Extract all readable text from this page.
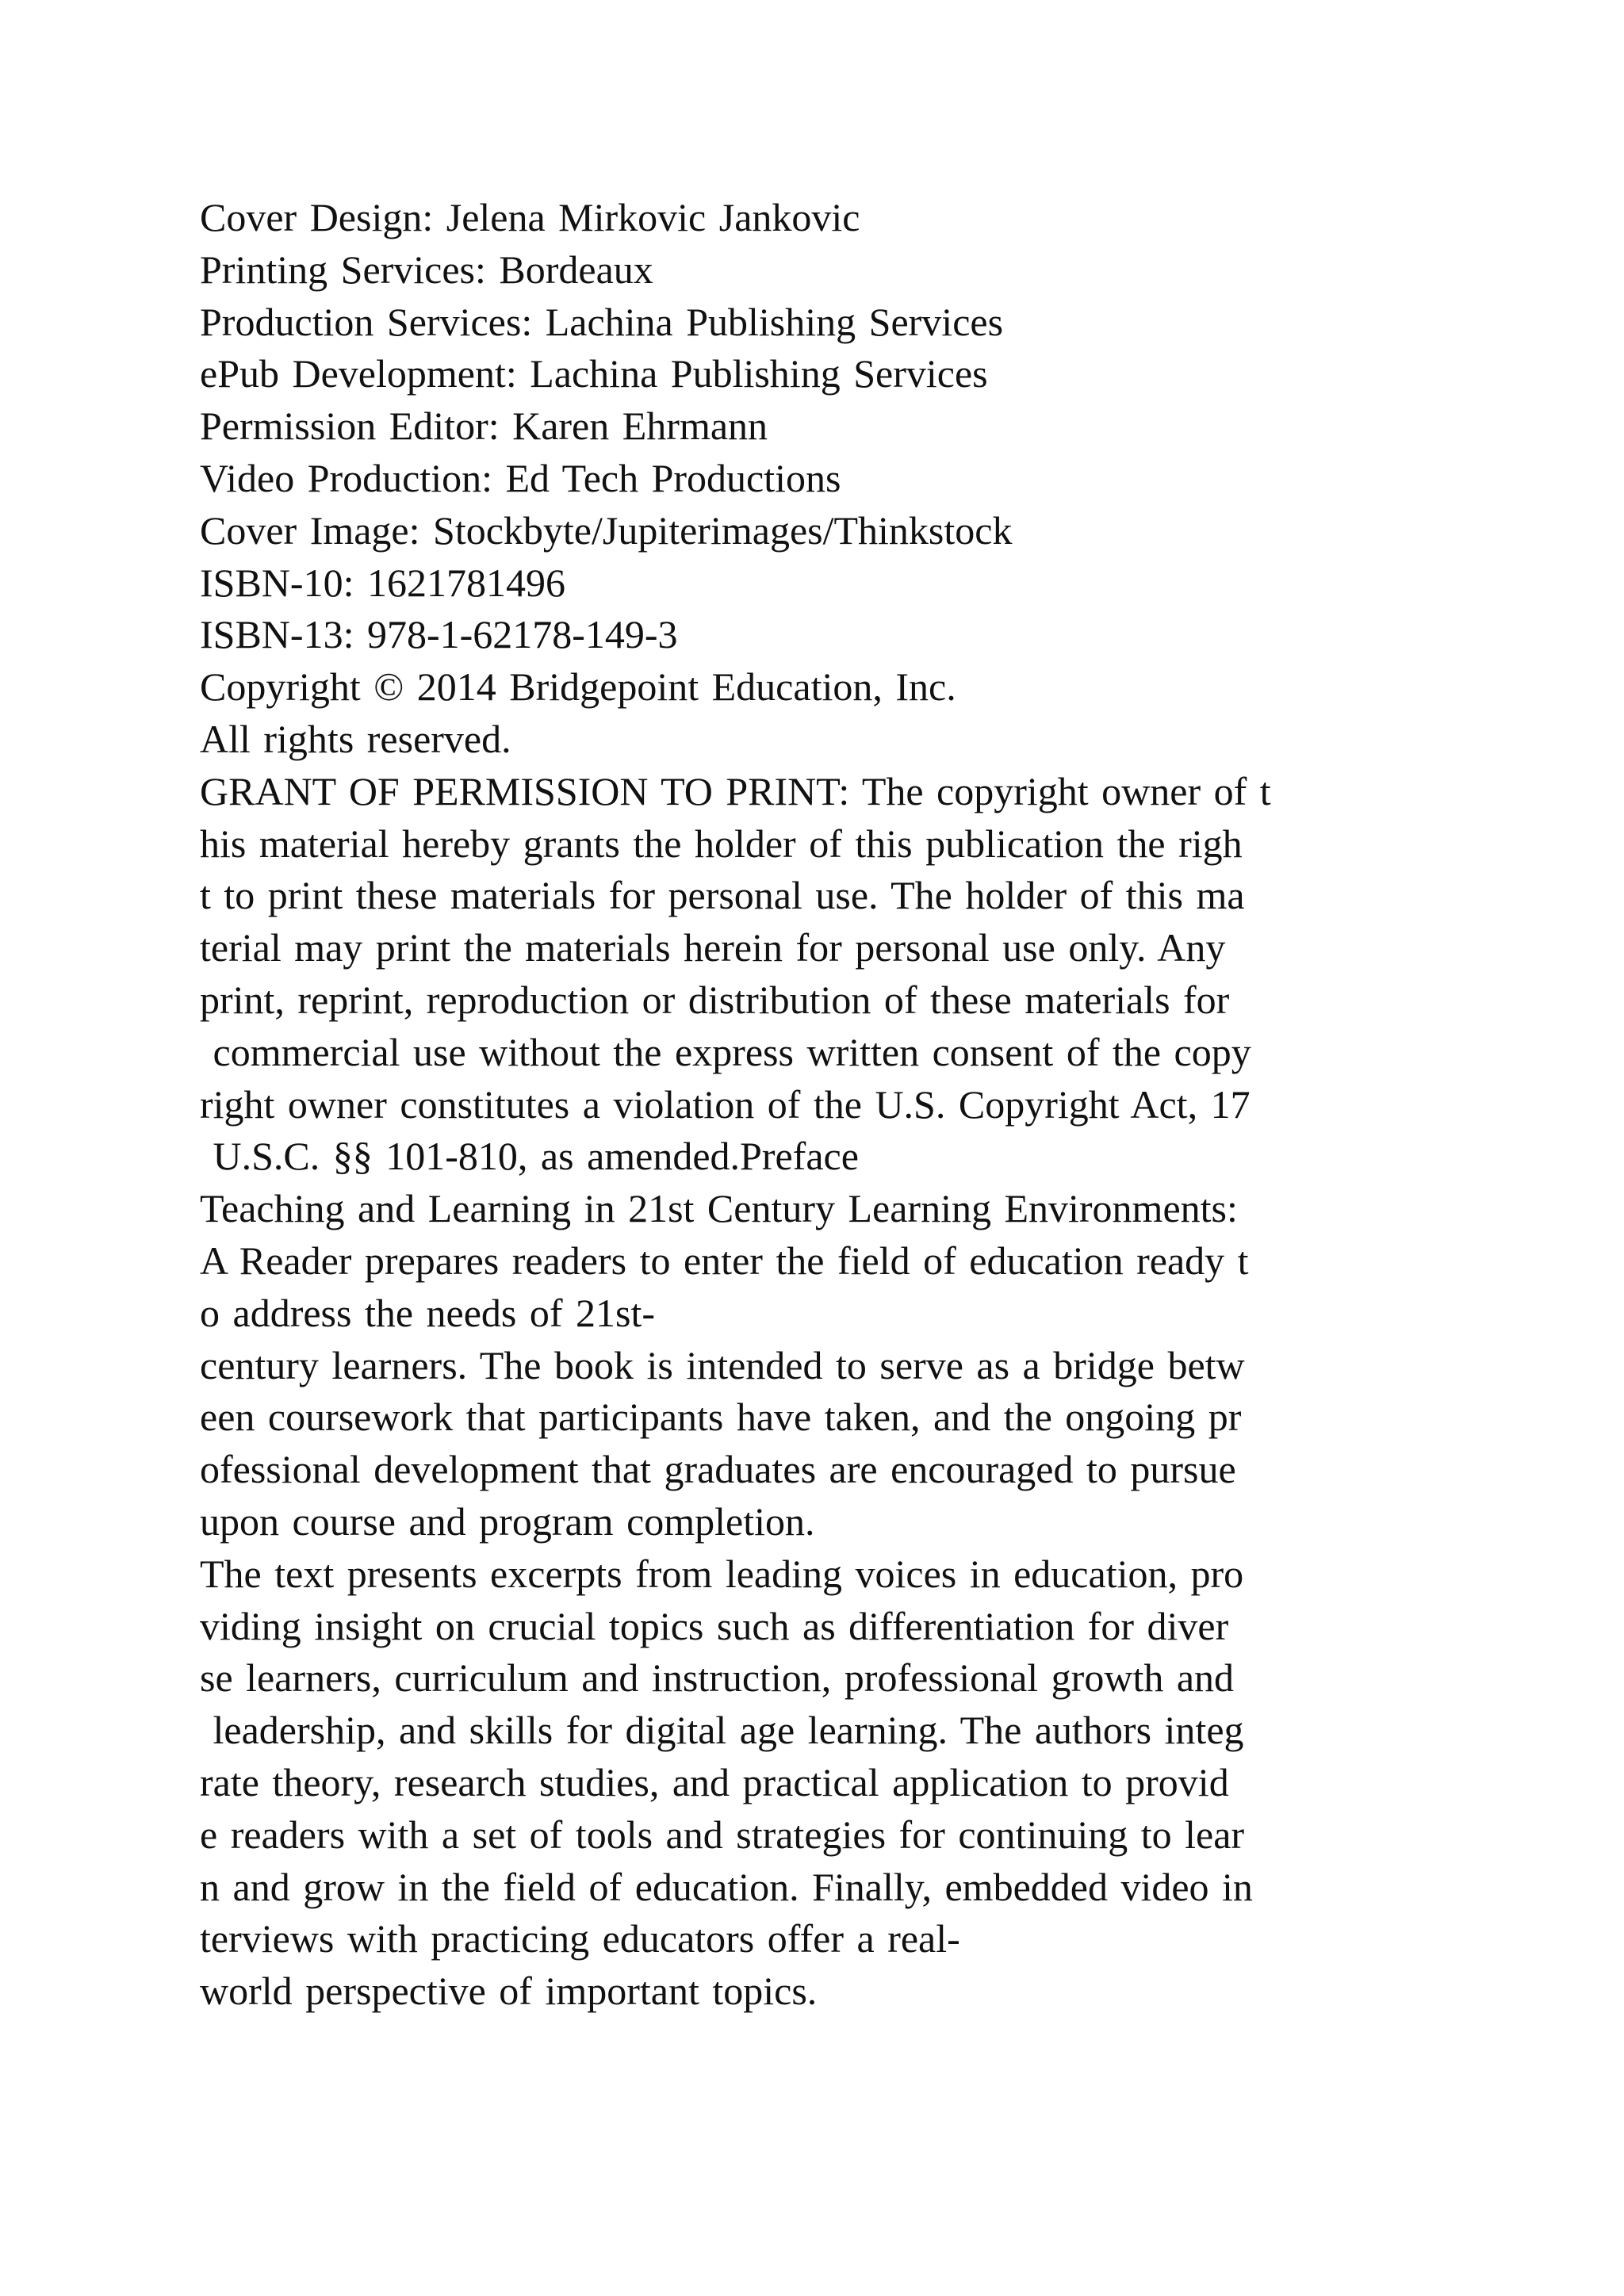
Cover Design: Jelena Mirkovic Jankovic
Printing Services: Bordeaux
Production Services: Lachina Publishing Services
ePub Development: Lachina Publishing Services
Permission Editor: Karen Ehrmann
Video Production: Ed Tech Productions
Cover Image: Stockbyte/Jupiterimages/Thinkstock
ISBN-10: 1621781496
ISBN-13: 978-1-62178-149-3
Copyright © 2014 Bridgepoint Education, Inc.
All rights reserved.
GRANT OF PERMISSION TO PRINT: The copyright owner of t
his material hereby grants the holder of this publication the righ
t to print these materials for personal use. The holder of this ma
terial may print the materials herein for personal use only. Any
print, reprint, reproduction or distribution of these materials for
commercial use without the express written consent of the copy
right owner constitutes a violation of the U.S. Copyright Act, 17
U.S.C. §§ 101-810, as amended.Preface
Teaching and Learning in 21st Century Learning Environments:
A Reader prepares readers to enter the field of education ready t
o address the needs of 21st-
century learners. The book is intended to serve as a bridge betw
een coursework that participants have taken, and the ongoing pr
ofessional development that graduates are encouraged to pursue
upon course and program completion.
The text presents excerpts from leading voices in education, pro
viding insight on crucial topics such as differentiation for diver
se learners, curriculum and instruction, professional growth and
leadership, and skills for digital age learning. The authors integ
rate theory, research studies, and practical application to provid
e readers with a set of tools and strategies for continuing to lear
n and grow in the field of education. Finally, embedded video in
terviews with practicing educators offer a real-
world perspective of important topics.
